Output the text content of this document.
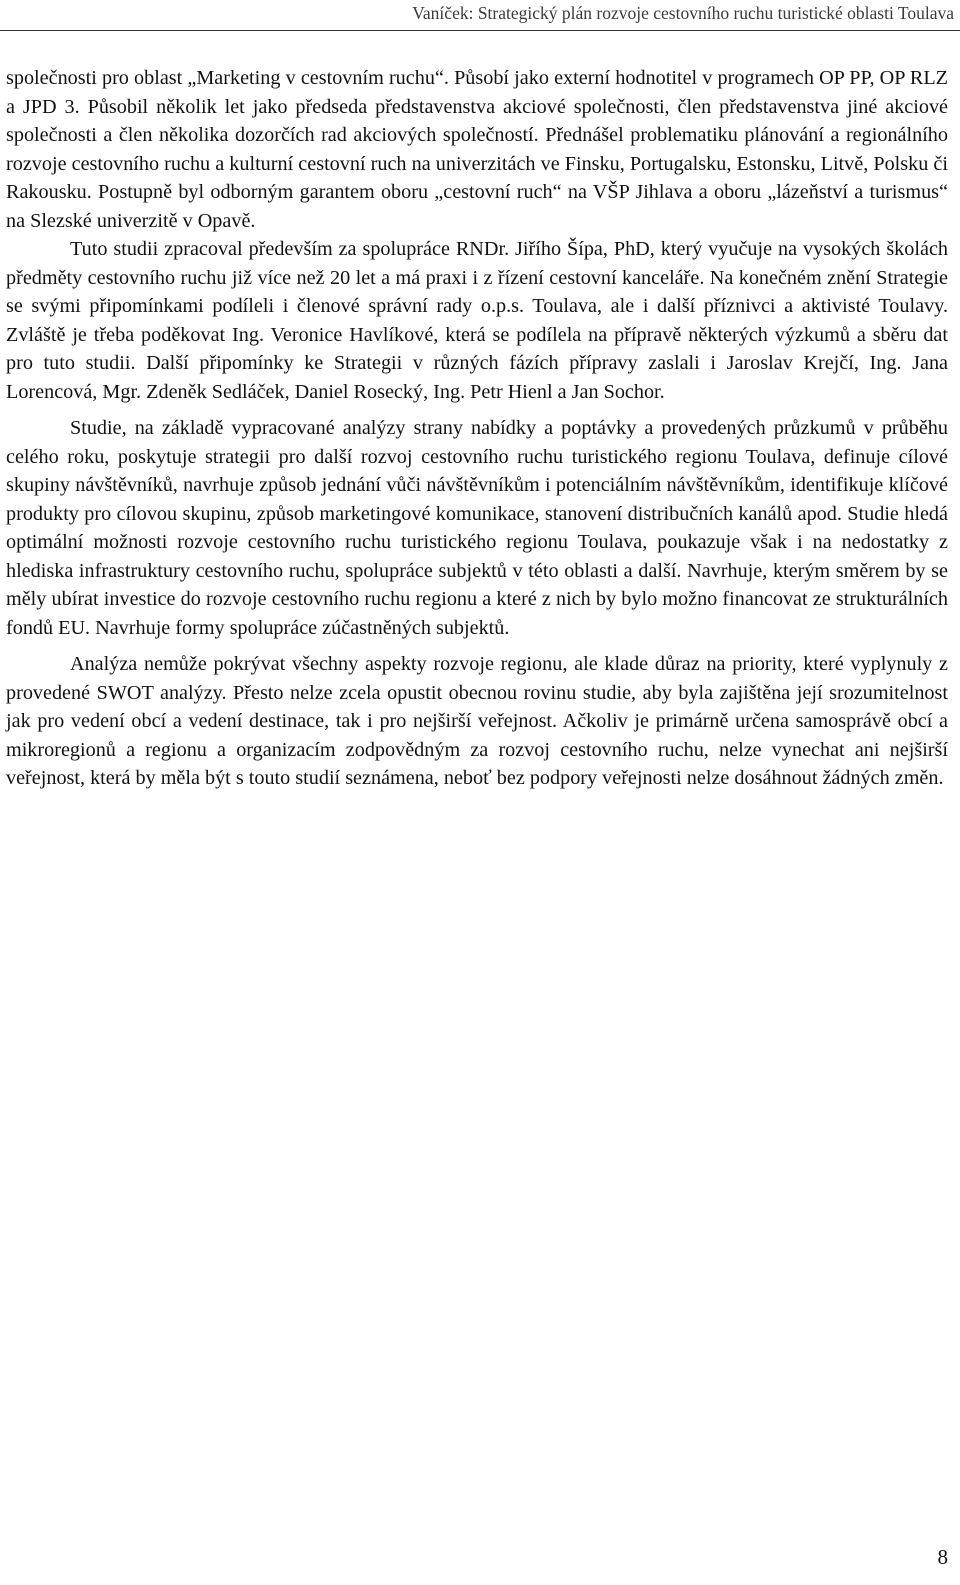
Vaníček: Strategický plán rozvoje cestovního ruchu turistické oblasti Toulava

společnosti pro oblast „Marketing v cestovním ruchu“. Působí jako externí hodnotitel v programech OP PP, OP RLZ a JPD 3. Působil několik let jako předseda představenstva akciové společnosti, člen představenstva jiné akciové společnosti a člen několika dozorčích rad akciových společností. Přednášel problematiku plánování a regionálního rozvoje cestovního ruchu a kulturní cestovní ruch na univerzitách ve Finsku, Portugalsku, Estonsku, Litvě, Polsku či Rakousku. Postupně byl odborným garantem oboru „cestovní ruch“ na VŠP Jihlava a oboru „lázeňství a turismus“ na Slezské univerzitě v Opavě.

Tuto studii zpracoval především za spolupráce RNDr. Jiřího Šípa, PhD, který vyučuje na vysokých školách předměty cestovního ruchu již více než 20 let a má praxi i z řízení cestovní kanceláře. Na konečném znění Strategie se svými připomínkami podíleli i členové správní rady o.p.s. Toulava, ale i další příznivci a aktivisté Toulavy. Zvláště je třeba poděkovat Ing. Veronice Havlíkové, která se podílela na přípravě některých výzkumů a sběru dat pro tuto studii. Další připomínky ke Strategii v různých fázích přípravy zaslali i Jaroslav Krejčí, Ing. Jana Lorencová, Mgr. Zdeněk Sedláček, Daniel Rosecký, Ing. Petr Hienl a Jan Sochor.

Studie, na základě vypracované analýzy strany nabídky a poptávky a provedených průzkumů v průběhu celého roku, poskytuje strategii pro další rozvoj cestovního ruchu turistického regionu Toulava, definuje cílové skupiny návštěvníků, navrhuje způsob jednání vůči návštěvníkům i potenciálním návštěvníkům, identifikuje klíčové produkty pro cílovou skupinu, způsob marketingové komunikace, stanovení distribučních kanálů apod. Studie hledá optimální možnosti rozvoje cestovního ruchu turistického regionu Toulava, poukazuje však i na nedostatky z hlediska infrastruktury cestovního ruchu, spolupráce subjektů v této oblasti a další. Navrhuje, kterým směrem by se měly ubírat investice do rozvoje cestovního ruchu regionu a které z nich by bylo možno financovat ze strukturálních fondů EU. Navrhuje formy spolupráce zúčastněných subjektů.

Analýza nemůže pokrývat všechny aspekty rozvoje regionu, ale klade důraz na priority, které vyplynuly z provedené SWOT analýzy. Přesto nelze zcela opustit obecnou rovinu studie, aby byla zajištěna její srozumitelnost jak pro vedení obcí a vedení destinace, tak i pro nejširší veřejnost. Ačkoliv je primárně určena samosprávě obcí a mikroregionů a regionu a organizacím zodpovědným za rozvoj cestovního ruchu, nelze vynechat ani nejširší veřejnost, která by měla být s touto studií seznámena, neboť bez podpory veřejnosti nelze dosáhnout žádných změn.

8
